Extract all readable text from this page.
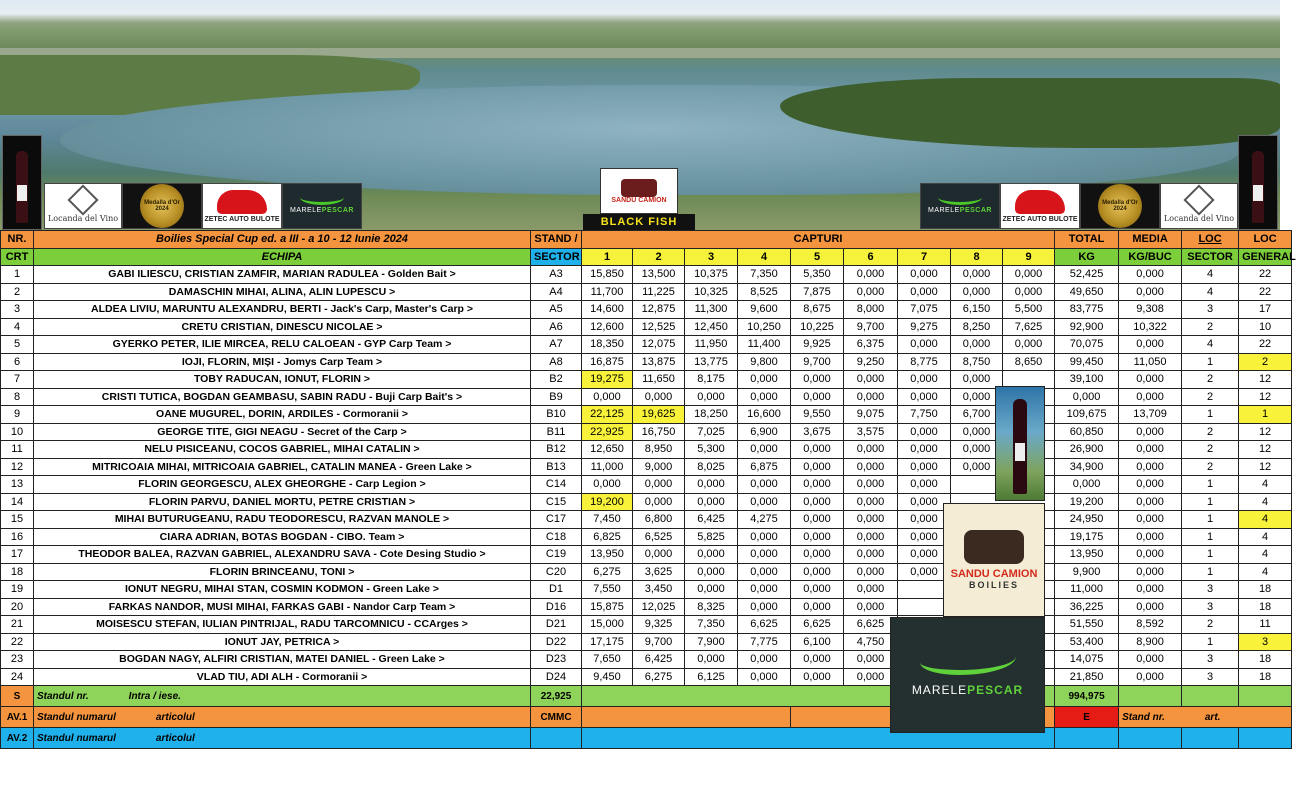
Locanda del Vino
Medalla d'Or 2024
ZETEC AUTO BULOTE
MARELEPESCAR
SANDU CAMION
BLACK FISH
MARELEPESCAR
ZETEC AUTO BULOTE
Medalla d'Or 2024
Locanda del Vino
NR.	Boilies Special Cup ed. a III - a 10 - 12 Iunie 2024	STAND /	CAPTURI									TOTAL	MEDIA	LOC	LOC
CRT	ECHIPA	SECTOR	1	2	3	4	5	6	7	8	9	KG	KG/BUC	SECTOR	GENERAL
1	GABI ILIESCU, CRISTIAN ZAMFIR, MARIAN RADULEA - Golden Bait >	A3	15,850	13,500	10,375	7,350	5,350	0,000	0,000	0,000	0,000	52,425	0,000	4	22
2	DAMASCHIN MIHAI, ALINA, ALIN LUPESCU >	A4	11,700	11,225	10,325	8,525	7,875	0,000	0,000	0,000	0,000	49,650	0,000	4	22
3	ALDEA LIVIU, MARUNTU ALEXANDRU, BERTI - Jack's Carp, Master's Carp >	A5	14,600	12,875	11,300	9,600	8,675	8,000	7,075	6,150	5,500	83,775	9,308	3	17
4	CRETU CRISTIAN, DINESCU NICOLAE >	A6	12,600	12,525	12,450	10,250	10,225	9,700	9,275	8,250	7,625	92,900	10,322	2	10
5	GYERKO PETER, ILIE MIRCEA, RELU CALOEAN - GYP Carp Team >	A7	18,350	12,075	11,950	11,400	9,925	6,375	0,000	0,000	0,000	70,075	0,000	4	22
6	IOJI, FLORIN, MIȘI - Jomys Carp Team >	A8	16,875	13,875	13,775	9,800	9,700	9,250	8,775	8,750	8,650	99,450	11,050	1	2
7	TOBY RADUCAN, IONUT, FLORIN >	B2	19,275	11,650	8,175	0,000	0,000	0,000	0,000	0,000		39,100	0,000	2	12
8	CRISTI TUTICA, BOGDAN GEAMBASU, SABIN RADU - Buji Carp Bait's >	B9	0,000	0,000	0,000	0,000	0,000	0,000	0,000	0,000		0,000	0,000	2	12
9	OANE MUGUREL, DORIN, ARDILES - Cormoranii >	B10	22,125	19,625	18,250	16,600	9,550	9,075	7,750	6,700		109,675	13,709	1	1
10	GEORGE TITE, GIGI NEAGU - Secret of the Carp >	B11	22,925	16,750	7,025	6,900	3,675	3,575	0,000	0,000		60,850	0,000	2	12
11	NELU PISICEANU, COCOS GABRIEL, MIHAI CATALIN >	B12	12,650	8,950	5,300	0,000	0,000	0,000	0,000	0,000		26,900	0,000	2	12
12	MITRICOAIA MIHAI, MITRICOAIA GABRIEL, CATALIN MANEA - Green Lake >	B13	11,000	9,000	8,025	6,875	0,000	0,000	0,000	0,000		34,900	0,000	2	12
13	FLORIN GEORGESCU, ALEX GHEORGHE - Carp Legion >	C14	0,000	0,000	0,000	0,000	0,000	0,000	0,000			0,000	0,000	1	4
14	FLORIN PARVU, DANIEL MORTU, PETRE CRISTIAN >	C15	19,200	0,000	0,000	0,000	0,000	0,000	0,000			19,200	0,000	1	4
15	MIHAI BUTURUGEANU, RADU TEODORESCU, RAZVAN MANOLE >	C17	7,450	6,800	6,425	4,275	0,000	0,000	0,000			24,950	0,000	1	4
16	CIARA ADRIAN, BOTAS BOGDAN - CIBO. Team >	C18	6,825	6,525	5,825	0,000	0,000	0,000	0,000			19,175	0,000	1	4
17	THEODOR BALEA, RAZVAN GABRIEL, ALEXANDRU SAVA - Cote Desing Studio >	C19	13,950	0,000	0,000	0,000	0,000	0,000	0,000			13,950	0,000	1	4
18	FLORIN BRINCEANU, TONI >	C20	6,275	3,625	0,000	0,000	0,000	0,000	0,000			9,900	0,000	1	4
19	IONUT NEGRU, MIHAI STAN, COSMIN KODMON - Green Lake >	D1	7,550	3,450	0,000	0,000	0,000	0,000				11,000	0,000	3	18
20	FARKAS NANDOR, MUSI MIHAI, FARKAS GABI - Nandor Carp Team >	D16	15,875	12,025	8,325	0,000	0,000	0,000				36,225	0,000	3	18
21	MOISESCU STEFAN, IULIAN PINTRIJAL, RADU TARCOMNICU - CCArges >	D21	15,000	9,325	7,350	6,625	6,625	6,625				51,550	8,592	2	11
22	IONUT JAY, PETRICA >	D22	17,175	9,700	7,900	7,775	6,100	4,750				53,400	8,900	1	3
23	BOGDAN NAGY, ALFIRI CRISTIAN, MATEI DANIEL - Green Lake >	D23	7,650	6,425	0,000	0,000	0,000	0,000				14,075	0,000	3	18
24	VLAD TIU, ADI ALH - Cormoranii >	D24	9,450	6,275	6,125	0,000	0,000	0,000				21,850	0,000	3	18
S	Standul nr. Intra / iese.	22,925										994,975			
AV.1	Standul numarul articolul	CMMC										E	Stand nr. art.		
AV.2	Standul numarul articolul														
SANDU CAMION
BOILIES
MARELEPESCAR
